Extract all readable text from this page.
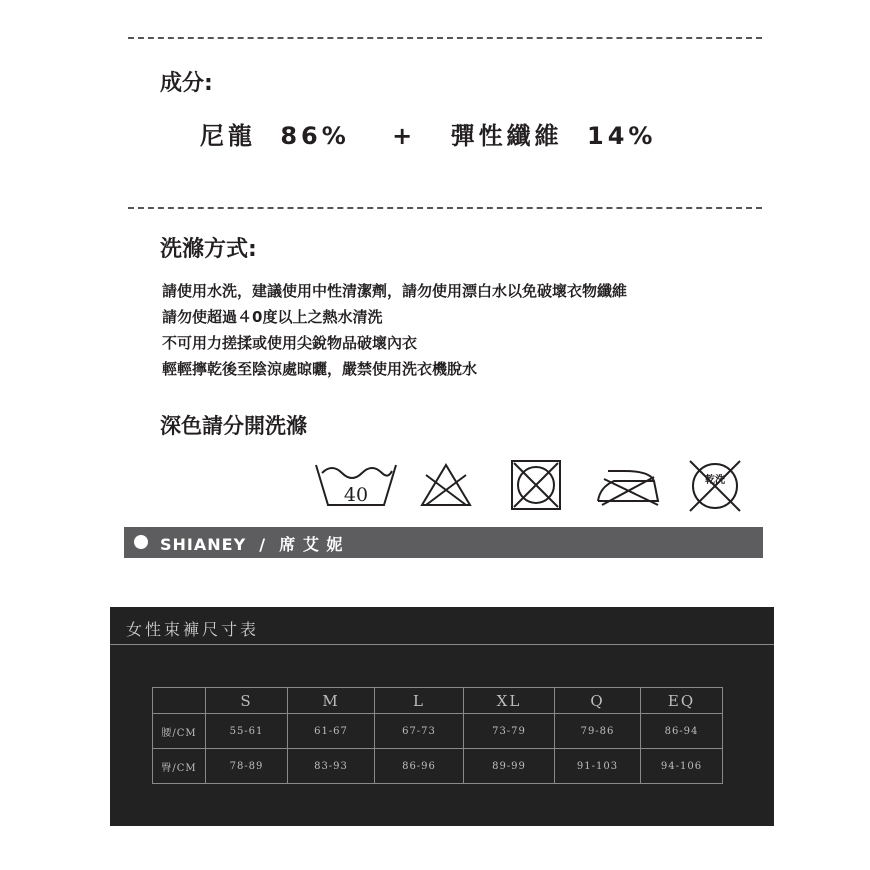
成分:
尼龍 86% + 彈性纖維 14%
洗滌方式:
請使用水洗，建議使用中性清潔劑，請勿使用漂白水以免破壞衣物纖維
請勿使超過４0度以上之熱水清洗
不可用力搓揉或使用尖銳物品破壞內衣
輕輕擰乾後至陰涼處晾曬，嚴禁使用洗衣機脫水
深色請分開洗滌
40
乾洗
SHIANEY  /  席 艾 妮
女性束褲尺寸表
	S	M	L	XL	Q	EQ
腰/CM	55-61	61-67	67-73	73-79	79-86	86-94
臀/CM	78-89	83-93	86-96	89-99	91-103	94-106
